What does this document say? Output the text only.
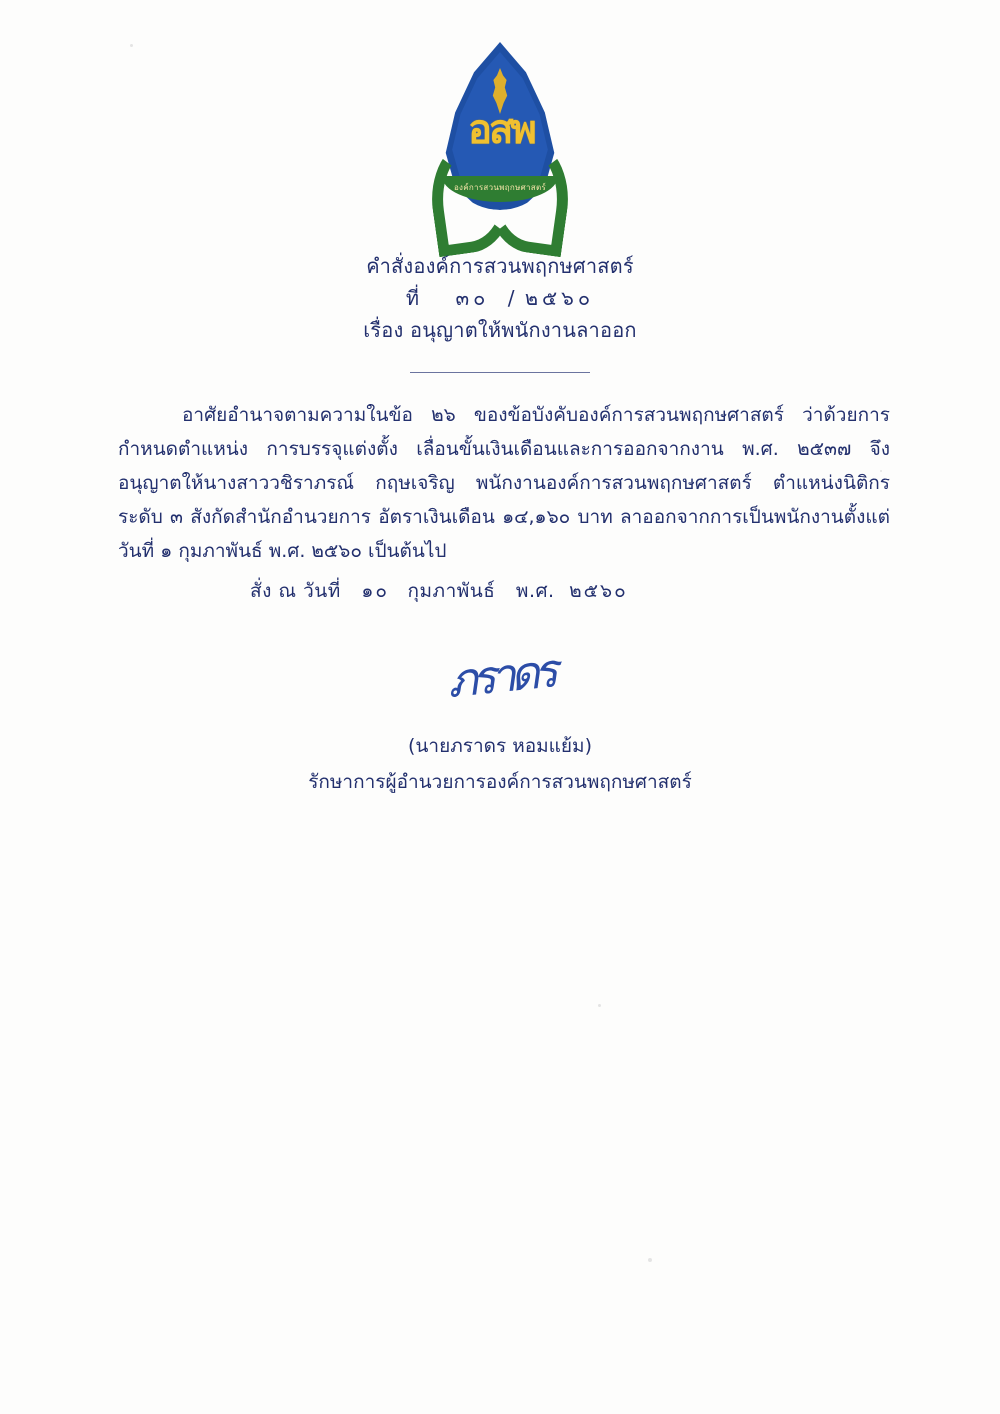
อสพ
องค์การสวนพฤกษศาสตร์
คำสั่งองค์การสวนพฤกษศาสตร์
ที่ ๓๐ / ๒๕๖๐
เรื่อง อนุญาตให้พนักงานลาออก

อาศัยอำนาจตามความในข้อ ๒๖ ของข้อบังคับองค์การสวนพฤกษศาสตร์ ว่าด้วยการกำหนดตำแหน่ง การบรรจุแต่งตั้ง เลื่อนขั้นเงินเดือนและการออกจากงาน พ.ศ. ๒๕๓๗ จึงอนุญาตให้นางสาววชิราภรณ์ กฤษเจริญ พนักงานองค์การสวนพฤกษศาสตร์ ตำแหน่งนิติกร ระดับ ๓ สังกัดสำนักอำนวยการ อัตราเงินเดือน ๑๔,๑๖๐ บาท ลาออกจากการเป็นพนักงานตั้งแต่วันที่ ๑ กุมภาพันธ์ พ.ศ. ๒๕๖๐ เป็นต้นไป

สั่ง ณ วันที่ ๑๐ กุมภาพันธ์ พ.ศ. ๒๕๖๐
ภราดร
(นายภราดร หอมแย้ม)
รักษาการผู้อำนวยการองค์การสวนพฤกษศาสตร์
